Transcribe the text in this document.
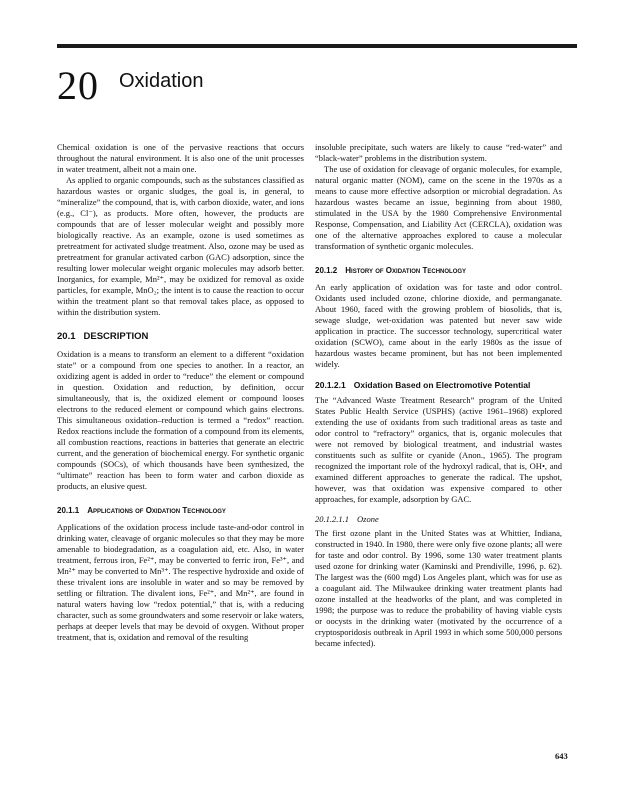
20 Oxidation

Chemical oxidation is one of the pervasive reactions that occurs throughout the natural environment. It is also one of the unit processes in water treatment, albeit not a main one.

As applied to organic compounds, such as the substances classified as hazardous wastes or organic sludges, the goal is, in general, to “mineralize” the compound, that is, with carbon dioxide, water, and ions (e.g., Cl⁻), as products. More often, however, the products are compounds that are of lesser molecular weight and possibly more biologically reactive. As an example, ozone is used sometimes as pretreatment for activated sludge treatment. Also, ozone may be used as pretreatment for granular activated carbon (GAC) adsorption, since the resulting lower molecular weight organic molecules may adsorb better. Inorganics, for example, Mn²⁺, may be oxidized for removal as oxide particles, for example, MnO₂; the intent is to cause the reaction to occur within the treatment plant so that removal takes place, as opposed to within the distribution system.

20.1 DESCRIPTION

Oxidation is a means to transform an element to a different “oxidation state” or a compound from one species to another. In a reactor, an oxidizing agent is added in order to “reduce” the element or compound in question. Oxidation and reduction, by definition, occur simultaneously, that is, the oxidized element or compound looses electrons to the reduced element or compound which gains electrons. This simultaneous oxidation–reduction is termed a “redox” reaction. Redox reactions include the formation of a compound from its elements, all combustion reactions, reactions in batteries that generate an electric current, and the generation of biochemical energy. For synthetic organic compounds (SOCs), of which thousands have been synthesized, the “ultimate” reaction has been to form water and carbon dioxide as products, an elusive quest.

20.1.1 Applications of Oxidation Technology

Applications of the oxidation process include taste-and-odor control in drinking water, cleavage of organic molecules so that they may be more amenable to biodegradation, as a coagulation aid, etc. Also, in water treatment, ferrous iron, Fe²⁺, may be converted to ferric iron, Fe³⁺, and Mn²⁺ may be converted to Mn³⁺. The respective hydroxide and oxide of these trivalent ions are insoluble in water and so may be removed by settling or filtration. The divalent ions, Fe²⁺, and Mn²⁺, are found in natural waters having low “redox potential,” that is, with a reducing character, such as some groundwaters and some reservoir or lake waters, perhaps at deeper levels that may be devoid of oxygen. Without proper treatment, that is, oxidation and removal of the resulting

insoluble precipitate, such waters are likely to cause “red-water” and “black-water” problems in the distribution system.

The use of oxidation for cleavage of organic molecules, for example, natural organic matter (NOM), came on the scene in the 1970s as a means to cause more effective adsorption or microbial degradation. As hazardous wastes became an issue, beginning from about 1980, stimulated in the USA by the 1980 Comprehensive Environmental Response, Compensation, and Liability Act (CERCLA), oxidation was one of the alternative approaches explored to cause a molecular transformation of synthetic organic molecules.

20.1.2 History of Oxidation Technology

An early application of oxidation was for taste and odor control. Oxidants used included ozone, chlorine dioxide, and permanganate. About 1960, faced with the growing problem of biosolids, that is, sewage sludge, wet-oxidation was patented but never saw wide application in practice. The successor technology, supercritical water oxidation (SCWO), came about in the early 1980s as the issue of hazardous wastes became prominent, but has not been implemented widely.

20.1.2.1 Oxidation Based on Electromotive Potential

The “Advanced Waste Treatment Research” program of the United States Public Health Service (USPHS) (active 1961–1968) explored extending the use of oxidants from such traditional areas as taste and odor control to “refractory” organics, that is, organic molecules that were not removed by biological treatment, and industrial wastes constituents such as sulfite or cyanide (Anon., 1965). The program recognized the important role of the hydroxyl radical, that is, OH•, and examined different approaches to generate the radical. The upshot, however, was that oxidation was expensive compared to other approaches, for example, adsorption by GAC.

20.1.2.1.1 Ozone

The first ozone plant in the United States was at Whittier, Indiana, constructed in 1940. In 1980, there were only five ozone plants; all were for taste and odor control. By 1996, some 130 water treatment plants used ozone for drinking water (Kaminski and Prendiville, 1996, p. 62). The largest was the (600 mgd) Los Angeles plant, which was for use as a coagulant aid. The Milwaukee drinking water treatment plants had ozone installed at the headworks of the plant, and was completed in 1998; the purpose was to reduce the probability of having viable cysts or oocysts in the drinking water (motivated by the occurrence of a cryptosporidosis outbreak in April 1993 in which some 500,000 persons became infected).

643
